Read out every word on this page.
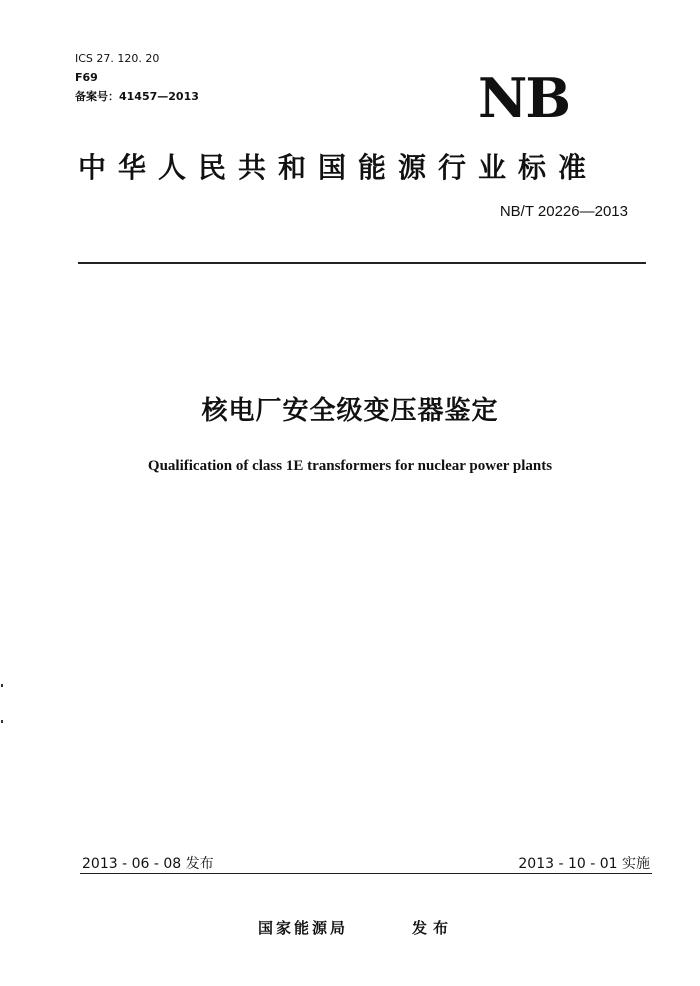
ICS 27. 120. 20
F69
备案号：41457—2013	NB
中华人民共和国能源行业标准
NB/T 20226—2013
核电厂安全级变压器鉴定
Qualification of class 1E transformers for nuclear power plants
2013 - 06 - 08 发布	2013 - 10 - 01 实施
国家能源局	发布
